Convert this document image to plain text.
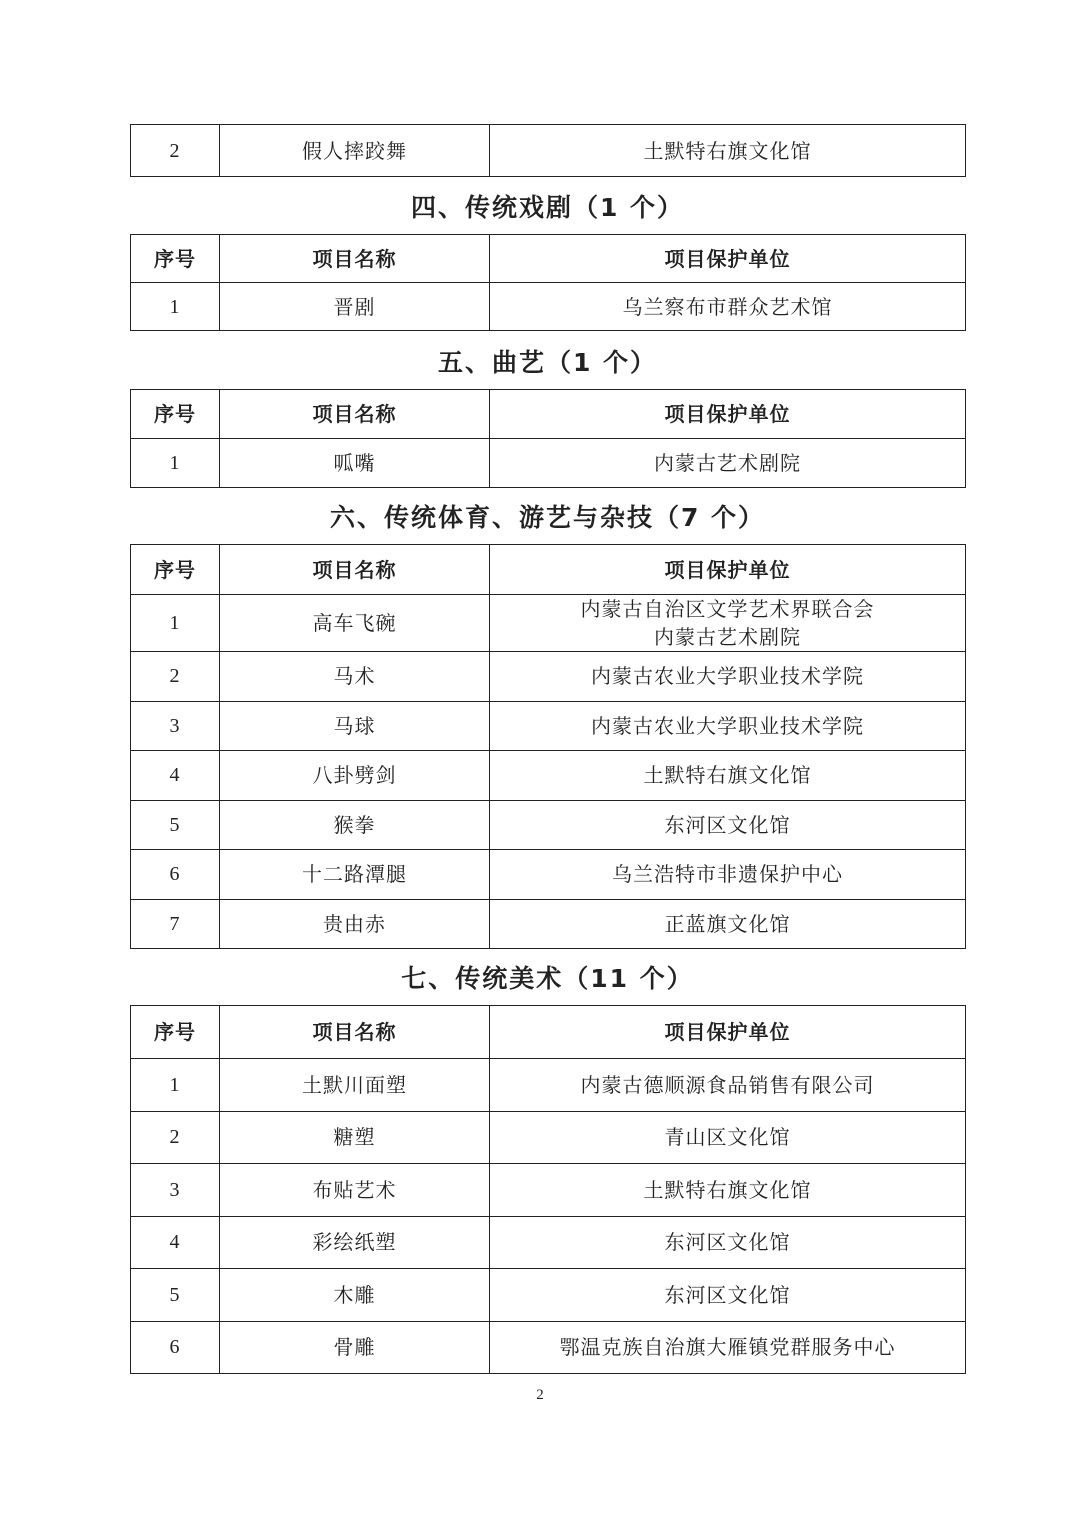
2	假人摔跤舞	土默特右旗文化馆
四、传统戏剧（1 个）
序号	项目名称	项目保护单位
1	晋剧	乌兰察布市群众艺术馆
五、曲艺（1 个）
序号	项目名称	项目保护单位
1	呱嘴	内蒙古艺术剧院
六、传统体育、游艺与杂技（7 个）
序号	项目名称	项目保护单位
1	高车飞碗	内蒙古自治区文学艺术界联合会
内蒙古艺术剧院

2	马术	内蒙古农业大学职业技术学院
3	马球	内蒙古农业大学职业技术学院
4	八卦劈剑	土默特右旗文化馆
5	猴拳	东河区文化馆
6	十二路潭腿	乌兰浩特市非遗保护中心
7	贵由赤	正蓝旗文化馆
七、传统美术（11 个）
序号	项目名称	项目保护单位
1	土默川面塑	内蒙古德顺源食品销售有限公司
2	糖塑	青山区文化馆
3	布贴艺术	土默特右旗文化馆
4	彩绘纸塑	东河区文化馆
5	木雕	东河区文化馆
6	骨雕	鄂温克族自治旗大雁镇党群服务中心
2
